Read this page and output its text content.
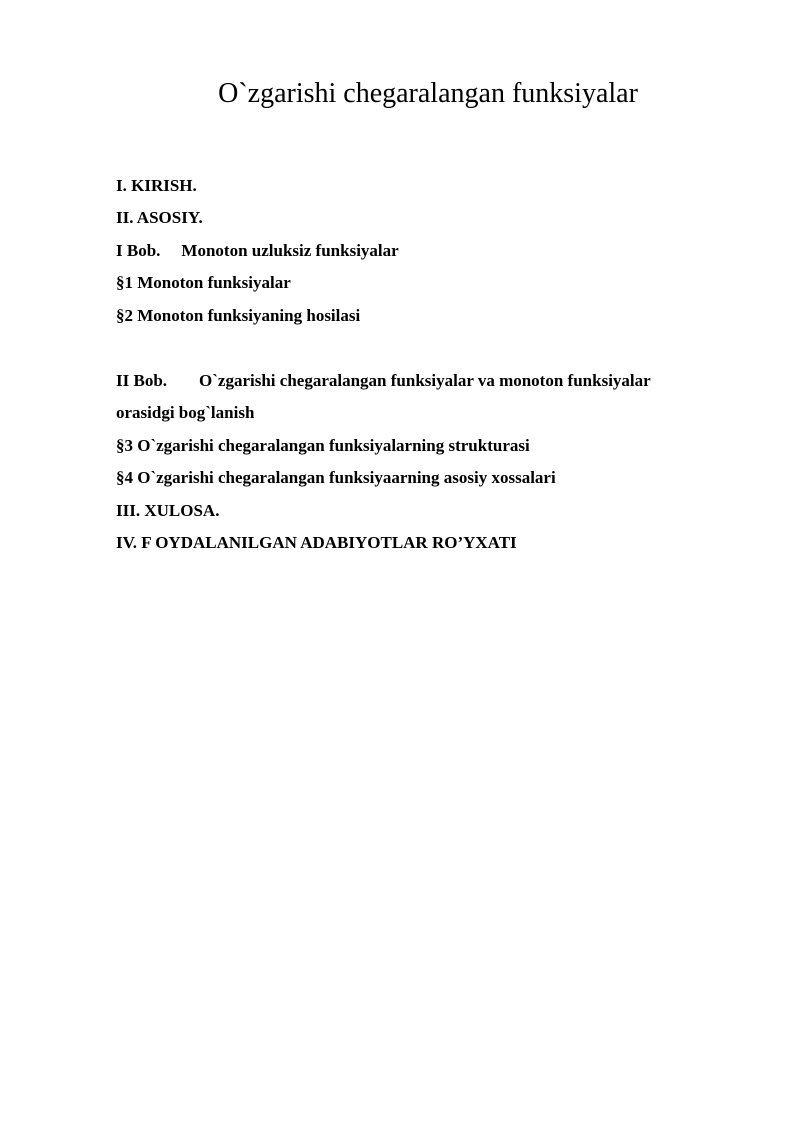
O`zgarishi chegaralangan funksiyalar
I. KIRISH.
II. ASOSIY.
I Bob. Monoton uzluksiz funksiyalar
§1 Monoton funksiyalar
§2 Monoton funksiyaning hosilasi
II Bob. O`zgarishi chegaralangan funksiyalar va monoton funksiyalar
orasidgi bog`lanish
§3 O`zgarishi chegaralangan funksiyalarning strukturasi
§4 O`zgarishi chegaralangan funksiyaarning asosiy xossalari
III. XULOSA.
IV. F OYDALANILGAN ADABIYOTLAR RO’YXATI
